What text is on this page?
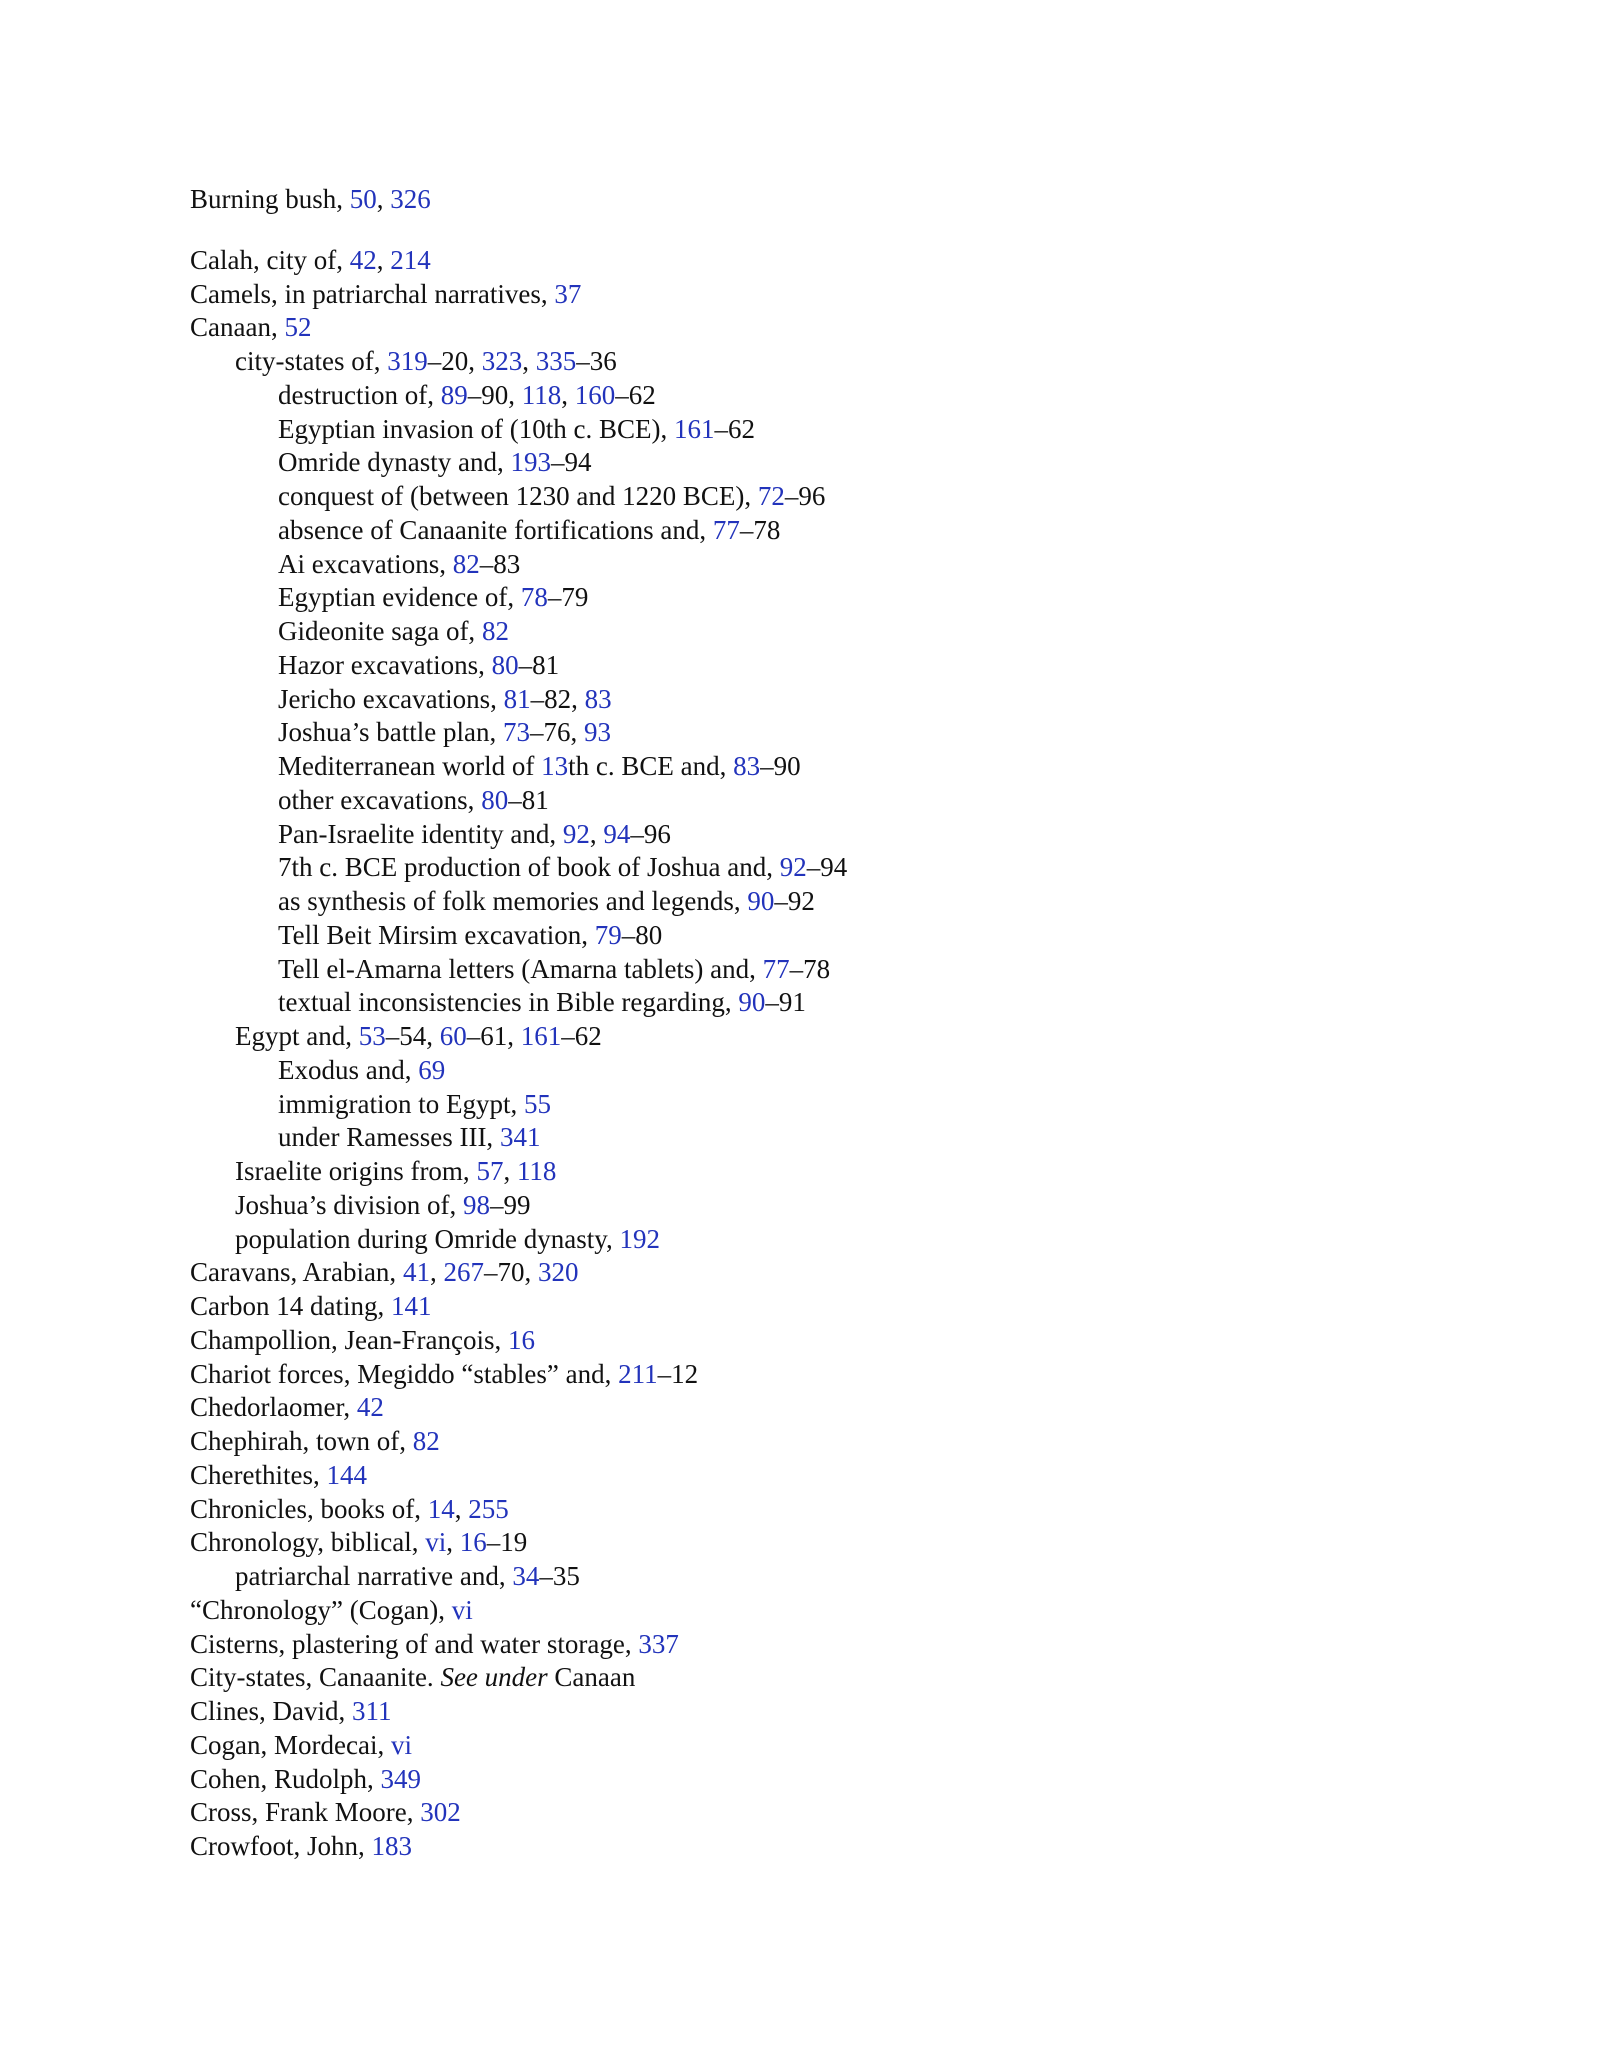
Burning bush, 50, 326
Calah, city of, 42, 214
Camels, in patriarchal narratives, 37
Canaan, 52
city-states of, 319–20, 323, 335–36
destruction of, 89–90, 118, 160–62
Egyptian invasion of (10th c. BCE), 161–62
Omride dynasty and, 193–94
conquest of (between 1230 and 1220 BCE), 72–96
absence of Canaanite fortifications and, 77–78
Ai excavations, 82–83
Egyptian evidence of, 78–79
Gideonite saga of, 82
Hazor excavations, 80–81
Jericho excavations, 81–82, 83
Joshua’s battle plan, 73–76, 93
Mediterranean world of 13th c. BCE and, 83–90
other excavations, 80–81
Pan-Israelite identity and, 92, 94–96
7th c. BCE production of book of Joshua and, 92–94
as synthesis of folk memories and legends, 90–92
Tell Beit Mirsim excavation, 79–80
Tell el-Amarna letters (Amarna tablets) and, 77–78
textual inconsistencies in Bible regarding, 90–91
Egypt and, 53–54, 60–61, 161–62
Exodus and, 69
immigration to Egypt, 55
under Ramesses III, 341
Israelite origins from, 57, 118
Joshua’s division of, 98–99
population during Omride dynasty, 192
Caravans, Arabian, 41, 267–70, 320
Carbon 14 dating, 141
Champollion, Jean-François, 16
Chariot forces, Megiddo “stables” and, 211–12
Chedorlaomer, 42
Chephirah, town of, 82
Cherethites, 144
Chronicles, books of, 14, 255
Chronology, biblical, vi, 16–19
patriarchal narrative and, 34–35
“Chronology” (Cogan), vi
Cisterns, plastering of and water storage, 337
City-states, Canaanite. See under Canaan
Clines, David, 311
Cogan, Mordecai, vi
Cohen, Rudolph, 349
Cross, Frank Moore, 302
Crowfoot, John, 183
